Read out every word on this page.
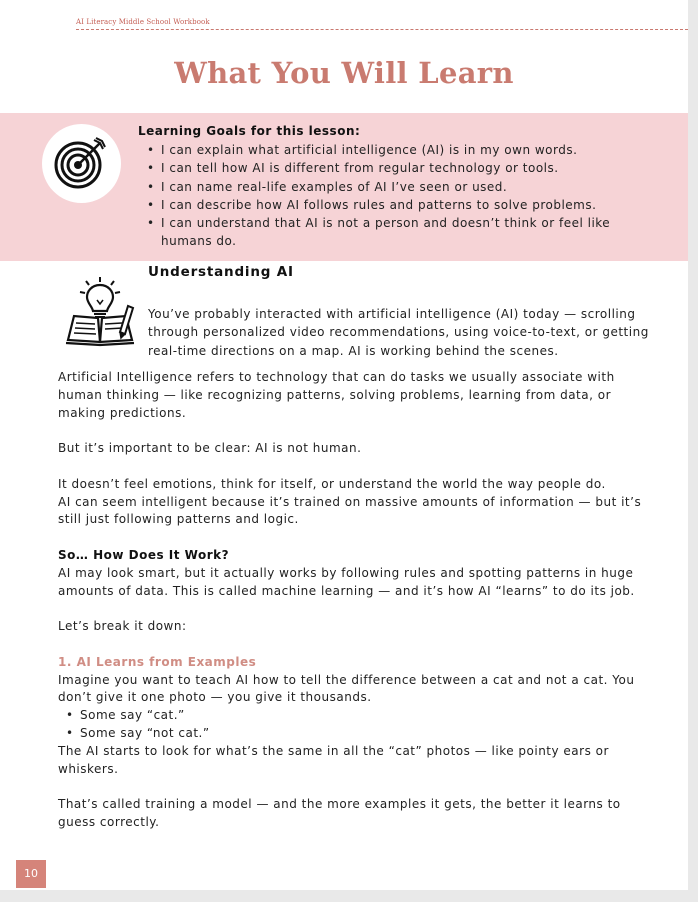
AI Literacy Middle School Workbook
What You Will Learn
Learning Goals for this lesson:
• I can explain what artificial intelligence (AI) is in my own words.
• I can tell how AI is different from regular technology or tools.
• I can name real-life examples of AI I’ve seen or used.
• I can describe how AI follows rules and patterns to solve problems.
• I can understand that AI is not a person and doesn’t think or feel like humans do.
Understanding AI
You’ve probably interacted with artificial intelligence (AI) today — scrolling through personalized video recommendations, using voice-to-text, or getting real-time directions on a map. AI is working behind the scenes.

Artificial Intelligence refers to technology that can do tasks we usually associate with human thinking — like recognizing patterns, solving problems, learning from data, or making predictions.

But it’s important to be clear: AI is not human.

It doesn’t feel emotions, think for itself, or understand the world the way people do.

AI can seem intelligent because it’s trained on massive amounts of information — but it’s still just following patterns and logic.

So… How Does It Work?

AI may look smart, but it actually works by following rules and spotting patterns in huge amounts of data. This is called machine learning — and it’s how AI “learns” to do its job.

Let’s break it down:

1. AI Learns from Examples

Imagine you want to teach AI how to tell the difference between a cat and not a cat. You don’t give it one photo — you give it thousands.

• Some say “cat.”
• Some say “not cat.”

The AI starts to look for what’s the same in all the “cat” photos — like pointy ears or whiskers.

That’s called training a model — and the more examples it gets, the better it learns to guess correctly.

10
